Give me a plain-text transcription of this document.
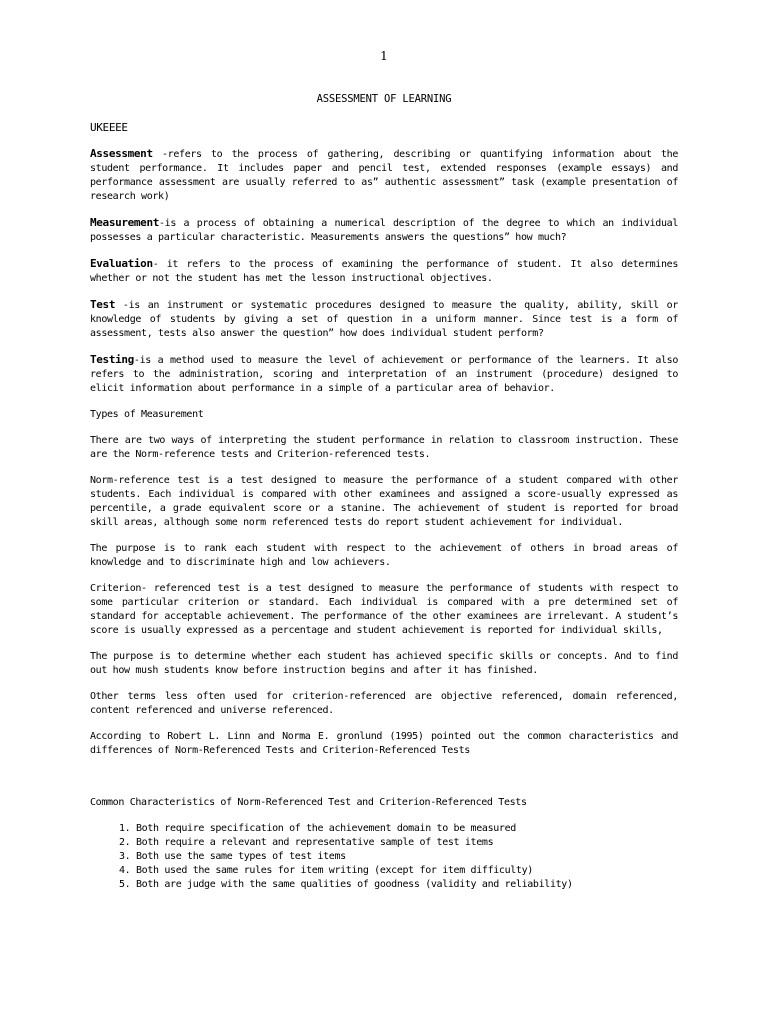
1
ASSESSMENT OF LEARNING
UKEEEE

Assessment -refers to the process of gathering, describing or quantifying information about the student performance. It includes paper and pencil test, extended responses (example essays) and performance assessment are usually referred to as” authentic assessment” task (example presentation of research work)

Measurement-is a process of obtaining a numerical description of the degree to which an individual possesses a particular characteristic. Measurements answers the questions” how much?

Evaluation- it refers to the process of examining the performance of student. It also determines whether or not the student has met the lesson instructional objectives.

Test -is an instrument or systematic procedures designed to measure the quality, ability, skill or knowledge of students by giving a set of question in a uniform manner. Since test is a form of assessment, tests also answer the question” how does individual student perform?

Testing-is a method used to measure the level of achievement or performance of the learners. It also refers to the administration, scoring and interpretation of an instrument (procedure) designed to elicit information about performance in a simple of a particular area of behavior.

Types of Measurement

There are two ways of interpreting the student performance in relation to classroom instruction. These are the Norm-reference tests and Criterion-referenced tests.

Norm-reference test is a test designed to measure the performance of a student compared with other students. Each individual is compared with other examinees and assigned a score-usually expressed as percentile, a grade equivalent score or a stanine. The achievement of student is reported for broad skill areas, although some norm referenced tests do report student achievement for individual.

The purpose is to rank each student with respect to the achievement of others in broad areas of knowledge and to discriminate high and low achievers.

Criterion- referenced test is a test designed to measure the performance of students with respect to some particular criterion or standard. Each individual is compared with a pre determined set of standard for acceptable achievement. The performance of the other examinees are irrelevant. A student’s score is usually expressed as a percentage and student achievement is reported for individual skills,

The purpose is to determine whether each student has achieved specific skills or concepts. And to find out how mush students know before instruction begins and after it has finished.

Other terms less often used for criterion-referenced are objective referenced, domain referenced, content referenced and universe referenced.

According to Robert L. Linn and Norma E. gronlund (1995) pointed out the common characteristics and differences of Norm-Referenced Tests and Criterion-Referenced Tests

Common Characteristics of Norm-Referenced Test and Criterion-Referenced Tests

1. Both require specification of the achievement domain to be measured
2. Both require a relevant and representative sample of test items
3. Both use the same types of test items
4. Both used the same rules for item writing (except for item difficulty)
5. Both are judge with the same qualities of goodness (validity and reliability)
